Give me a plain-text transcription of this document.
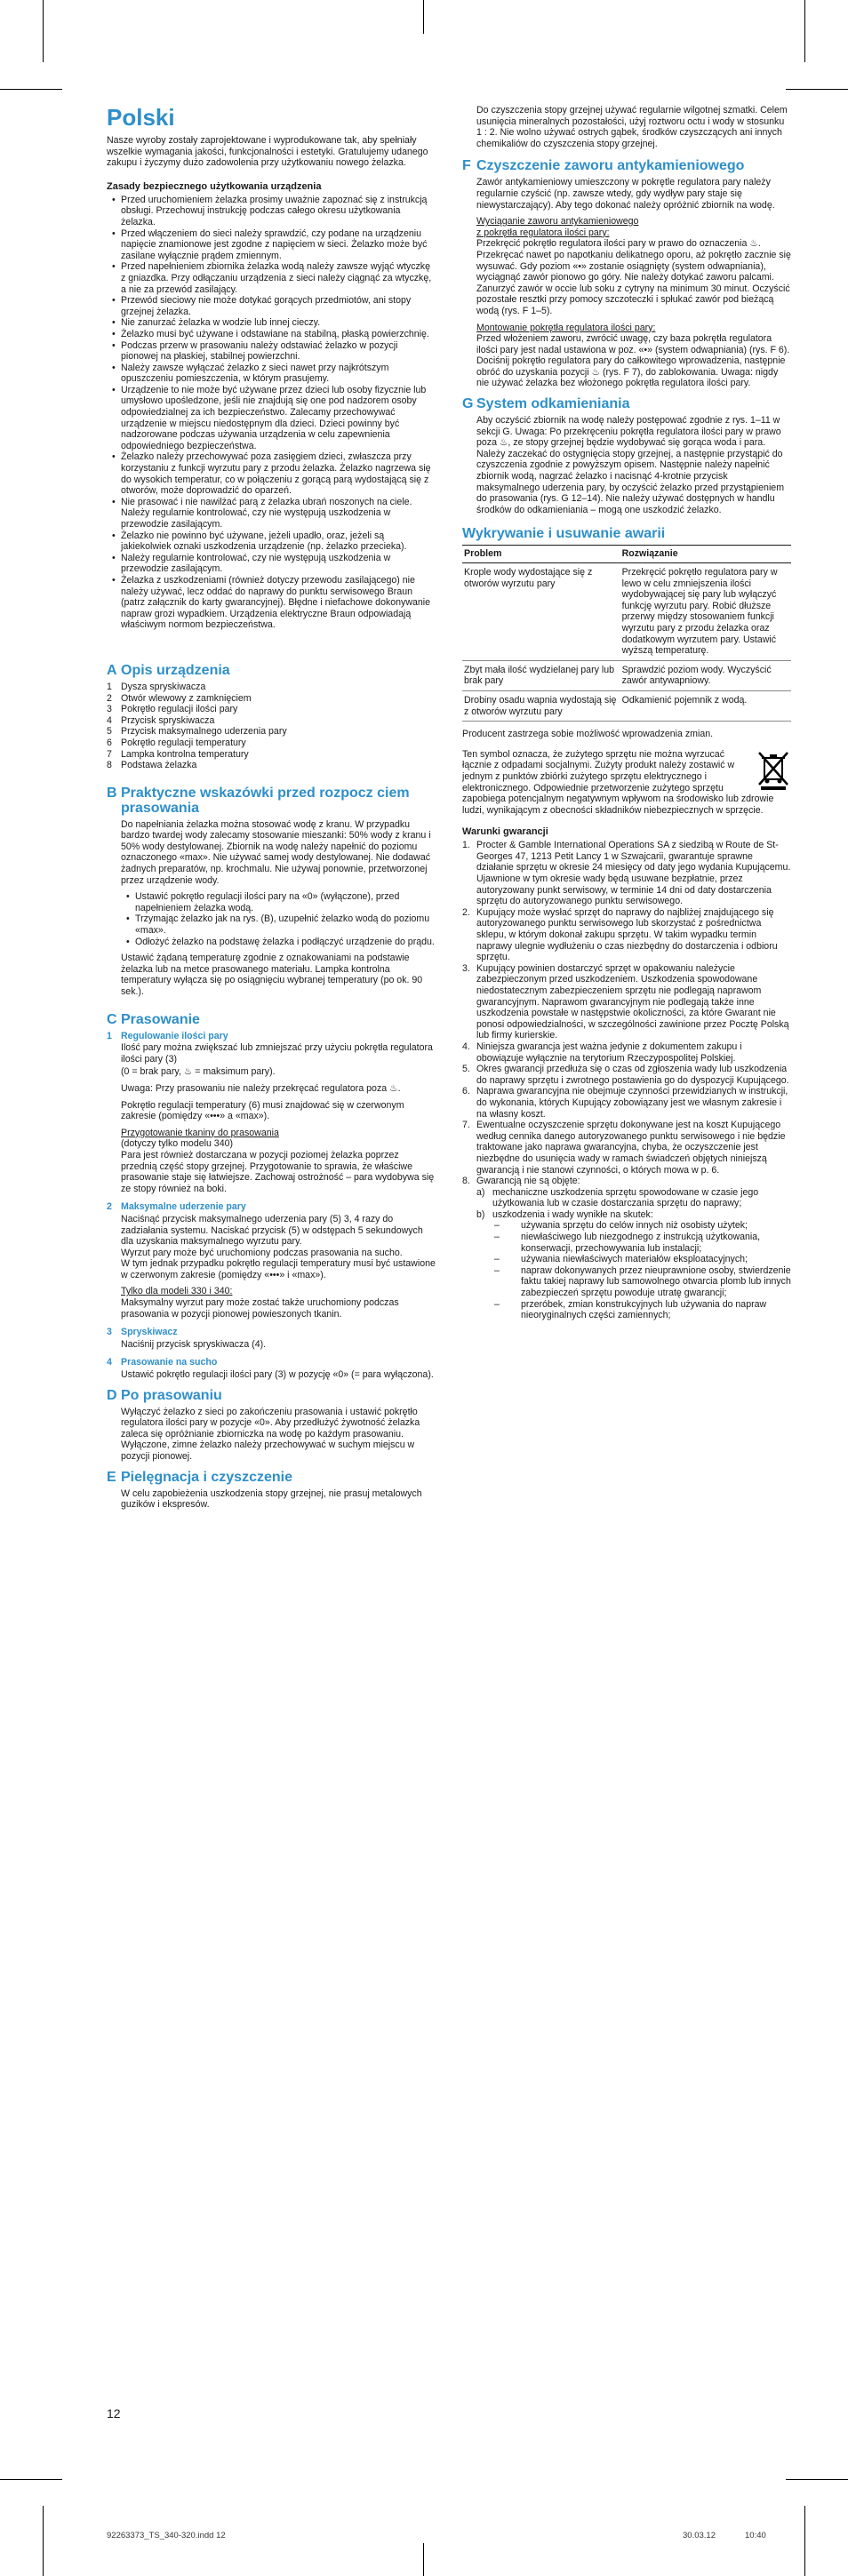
Polski

Nasze wyroby zostały zaprojektowane i wyprodukowane tak, aby spełniały wszelkie wymagania jakości, funkcjonalności i estetyki. Gratulujemy udanego zakupu i życzymy dużo zadowolenia przy użytkowaniu nowego żelazka.

Zasady bezpiecznego użytkowania urządzenia
• Przed uruchomieniem żelazka prosimy uważnie zapoznać się z instrukcją obsługi. Przechowuj instrukcję podczas całego okresu użytkowania żelazka.
• Przed włączeniem do sieci należy sprawdzić, czy podane na urządzeniu napięcie znamionowe jest zgodne z napięciem w sieci. Żelazko może być zasilane wyłącznie prądem zmiennym.
• Przed napełnieniem zbiornika żelazka wodą należy zawsze wyjąć wtyczkę z gniazdka. Przy odłączaniu urządzenia z sieci należy ciągnąć za wtyczkę, a nie za przewód zasilający.
• Przewód sieciowy nie może dotykać gorących przedmiotów, ani stopy grzejnej żelazka.
• Nie zanurzać żelazka w wodzie lub innej cieczy.
• Żelazko musi być używane i odstawiane na stabilną, płaską powierzchnię.
• Podczas przerw w prasowaniu należy odstawiać żelazko w pozycji pionowej na płaskiej, stabilnej powierzchni.
• Należy zawsze wyłączać żelazko z sieci nawet przy najkrótszym opuszczeniu pomieszczenia, w którym prasujemy.
• Urządzenie to nie może być używane przez dzieci lub osoby fizycznie lub umysłowo upośledzone, jeśli nie znajdują się one pod nadzorem osoby odpowiedzialnej za ich bezpieczeństwo. Zalecamy przechowywać urządzenie w miejscu niedostępnym dla dzieci. Dzieci powinny być nadzorowane podczas używania urządzenia w celu zapewnienia odpowiedniego bezpieczeństwa.
• Żelazko należy przechowywać poza zasięgiem dzieci, zwłaszcza przy korzystaniu z funkcji wyrzutu pary z przodu żelazka. Żelazko nagrzewa się do wysokich temperatur, co w połączeniu z gorącą parą wydostającą się z otworów, może doprowadzić do oparzeń.
• Nie prasować i nie nawilżać parą z żelazka ubrań noszonych na ciele. Należy regularnie kontrolować, czy nie występują uszkodzenia w przewodzie zasilającym.
• Żelazko nie powinno być używane, jeżeli upadło, oraz, jeżeli są jakiekolwiek oznaki uszkodzenia urządzenie (np. żelazko przecieka).
• Należy regularnie kontrolować, czy nie występują uszkodzenia w przewodzie zasilającym.
• Żelazka z uszkodzeniami (również dotyczy przewodu zasilającego) nie należy używać, lecz oddać do naprawy do punktu serwisowego Braun (patrz załącznik do karty gwarancyjnej). Błędne i niefachowe dokonywanie napraw grozi wypadkiem. Urządzenia elektryczne Braun odpowiadają właściwym normom bezpieczeństwa.
A Opis urządzenia
1 Dysza spryskiwacza
2 Otwór wlewowy z zamknięciem
3 Pokrętło regulacji ilości pary
4 Przycisk spryskiwacza
5 Przycisk maksymalnego uderzenia pary
6 Pokrętło regulacji temperatury
7 Lampka kontrolna temperatury
8 Podstawa żelazka
B Praktyczne wskazówki przed rozpocz ciem prasowania

Do napełniania żelazka można stosować wodę z kranu. W przypadku bardzo twardej wody zalecamy stosowanie mieszanki: 50% wody z kranu i 50% wody destylowanej. Zbiornik na wodę należy napełnić do poziomu oznaczonego «max». Nie używać samej wody destylowanej. Nie dodawać żadnych preparatów, np. krochmalu. Nie używaj ponownie, przetworzonej przez urządzenie wody.

• Ustawić pokrętło regulacji ilości pary na «0» (wyłączone), przed napełnieniem żelazka wodą.
• Trzymając żelazko jak na rys. (B), uzupełnić żelazko wodą do poziomu «max».
• Odłożyć żelazko na podstawę żelazka i podłączyć urządzenie do prądu.

Ustawić żądaną temperaturę zgodnie z oznakowaniami na podstawie żelazka lub na metce prasowanego materiału. Lampka kontrolna temperatury wyłącza się po osiągnięciu wybranej temperatury (po ok. 90 sek.).

C Prasowanie
1 Regulowanie ilości pary

Ilość pary można zwiększać lub zmniejszać przy użyciu pokrętła regulatora ilości pary (3)

(0 = brak pary, ♨ = maksimum pary).

Uwaga: Przy prasowaniu nie należy przekręcać regulatora poza ♨.

Pokrętło regulacji temperatury (6) musi znajdować się w czerwonym zakresie (pomiędzy «•••» a «max»).

Przygotowanie tkaniny do prasowania
(dotyczy tylko modelu 340)

Para jest również dostarczana w pozycji poziomej żelazka poprzez przednią część stopy grzejnej. Przygotowanie to sprawia, że właściwe prasowanie staje się łatwiejsze. Zachowaj ostrożność – para wydobywa się ze stopy również na boki.

2 Maksymalne uderzenie pary

Naciśnąć przycisk maksymalnego uderzenia pary (5) 3, 4 razy do zadziałania systemu. Naciskać przycisk (5) w odstępach 5 sekundowych dla uzyskania maksymalnego wyrzutu pary.

Wyrzut pary może być uruchomiony podczas prasowania na sucho.

W tym jednak przypadku pokrętło regulacji temperatury musi być ustawione w czerwonym zakresie (pomiędzy «•••» i «max»).

Tylko dla modeli 330 i 340:

Maksymalny wyrzut pary może zostać także uruchomiony podczas prasowania w pozycji pionowej powieszonych tkanin.

3 Spryskiwacz

Naciśnij przycisk spryskiwacza (4).

4 Prasowanie na sucho

Ustawić pokrętło regulacji ilości pary (3) w pozycję «0» (= para wyłączona).

D Po prasowaniu

Wyłączyć żelazko z sieci po zakończeniu prasowania i ustawić pokrętło regulatora ilości pary w pozycje «0». Aby przedłużyć żywotność żelazka zaleca się opróżnianie zbiorniczka na wodę po każdym prasowaniu. Wyłączone, zimne żelazko należy przechowywać w suchym miejscu w pozycji pionowej.

E Pielęgnacja i czyszczenie

W celu zapobieżenia uszkodzenia stopy grzejnej, nie prasuj metalowych guzików i ekspresów.

Do czyszczenia stopy grzejnej używać regularnie wilgotnej szmatki. Celem usunięcia mineralnych pozostałości, użyj roztworu octu i wody w stosunku 1 : 2. Nie wolno używać ostrych gąbek, środków czyszczących ani innych chemikaliów do czyszczenia stopy grzejnej.

F Czyszczenie zaworu antykamieniowego

Zawór antykamieniowy umieszczony w pokrętle regulatora pary należy regularnie czyścić (np. zawsze wtedy, gdy wydływ pary staje się niewystarczający). Aby tego dokonać należy opróżnić zbiornik na wodę.

Wyciąganie zaworu antykamieniowego
z pokrętła regulatora ilości pary:

Przekręcić pokrętło regulatora ilości pary w prawo do oznaczenia ♨. Przekręcać nawet po napotkaniu delikatnego oporu, aż pokrętło zacznie się wysuwać. Gdy poziom «•» zostanie osiągnięty (system odwapniania), wyciągnąć zawór pionowo go góry. Nie należy dotykać zaworu palcami. Zanurzyć zawór w occie lub soku z cytryny na minimum 30 minut. Oczyścić pozostałe resztki przy pomocy szczoteczki i spłukać zawór pod bieżącą wodą (rys. F 1–5).

Montowanie pokrętła regulatora ilości pary:

Przed włożeniem zaworu, zwrócić uwagę, czy baza pokrętła regulatora ilości pary jest nadal ustawiona w poz. «•» (system odwapniania) (rys. F 6). Dociśnij pokrętło regulatora pary do całkowitego wprowadzenia, następnie obróć do uzyskania pozycji ♨ (rys. F 7), do zablokowania. Uwaga: nigdy nie używać żelazka bez włożonego pokrętła regulatora ilości pary.

G System odkamieniania

Aby oczyścić zbiornik na wodę należy postępować zgodnie z rys. 1–11 w sekcji G. Uwaga: Po przekręceniu pokrętła regulatora ilości pary w prawo poza ♨, ze stopy grzejnej będzie wydobywać się gorąca woda i para. Należy zaczekać do ostygnięcia stopy grzejnej, a następnie przystąpić do czyszczenia zgodnie z powyższym opisem. Następnie należy napełnić zbiornik wodą, nagrzać żelazko i nacisnąć 4-krotnie przycisk maksymalnego uderzenia pary, by oczyścić żelazko przed przystąpieniem do prasowania (rys. G 12–14). Nie należy używać dostępnych w handlu środków do odkamieniania – mogą one uszkodzić żelazko.

Wykrywanie i usuwanie awarii
Problem	Rozwiązanie
Krople wody wydostające się z otworów wyrzutu pary	Przekręcić pokrętło regulatora pary w lewo w celu zmniejszenia ilości wydobywającej się pary lub wyłączyć funkcję wyrzutu pary. Robić dłuższe przerwy między stosowaniem funkcji wyrzutu pary z przodu żelazka oraz dodatkowym wyrzutem pary. Ustawić wyższą temperaturę.
Zbyt mała ilość wydzielanej pary lub brak pary	Sprawdzić poziom wody. Wyczyścić zawór antywapniowy.
Drobiny osadu wapnia wydostają się z otworów wyrzutu pary	Odkamienić pojemnik z wodą.

Producent zastrzega sobie możliwość wprowadzenia zmian.

Ten symbol oznacza, że zużytego sprzętu nie można wyrzucać łącznie z odpadami socjalnymi. Zużyty produkt należy zostawić w jednym z punktów zbiórki zużytego sprzętu elektrycznego i elektronicznego. Odpowiednie przetworzenie zużytego sprzętu zapobiega potencjalnym negatywnym wpływom na środowisko lub zdrowie ludzi, wynikającym z obecności składników niebezpiecznych w sprzęcie.

Warunki gwarancji
1. Procter & Gamble International Operations SA z siedzibą w Route de St-Georges 47, 1213 Petit Lancy 1 w Szwajcarii, gwarantuje sprawne działanie sprzętu w okresie 24 miesięcy od daty jego wydania Kupującemu. Ujawnione w tym okresie wady będą usuwane bezpłatnie, przez autoryzowany punkt serwisowy, w terminie 14 dni od daty dostarczenia sprzętu do autoryzowanego punktu serwisowego.
2. Kupujący może wysłać sprzęt do naprawy do najbliżej znajdującego się autoryzowanego punktu serwisowego lub skorzystać z pośrednictwa sklepu, w którym dokonał zakupu sprzętu. W takim wypadku termin naprawy ulegnie wydłużeniu o czas niezbędny do dostarczenia i odbioru sprzętu.
3. Kupujący powinien dostarczyć sprzęt w opakowaniu należycie zabezpieczonym przed uszkodzeniem. Uszkodzenia spowodowane niedostatecznym zabezpieczeniem sprzętu nie podlegają naprawom gwarancyjnym. Naprawom gwarancyjnym nie podlegają także inne uszkodzenia powstałe w następstwie okoliczności, za które Gwarant nie ponosi odpowiedzialności, w szczególności zawinione przez Pocztę Polską lub firmy kurierskie.
4. Niniejsza gwarancja jest ważna jedynie z dokumentem zakupu i obowiązuje wyłącznie na terytorium Rzeczypospolitej Polskiej.
5. Okres gwarancji przedłuża się o czas od zgłoszenia wady lub uszkodzenia do naprawy sprzętu i zwrotnego postawienia go do dyspozycji Kupującego.
6. Naprawa gwarancyjna nie obejmuje czynności przewidzianych w instrukcji, do wykonania, których Kupujący zobowiązany jest we własnym zakresie i na własny koszt.
7. Ewentualne oczyszczenie sprzętu dokonywane jest na koszt Kupującego według cennika danego autoryzowanego punktu serwisowego i nie będzie traktowane jako naprawa gwarancyjna, chyba, że oczyszczenie jest niezbędne do usunięcia wady w ramach świadczeń objętych niniejszą gwarancją i nie stanowi czynności, o których mowa w p. 6.
8. Gwarancją nie są objęte:
a) mechaniczne uszkodzenia sprzętu spowodowane w czasie jego użytkowania lub w czasie dostarczania sprzętu do naprawy;
b) uszkodzenia i wady wynikłe na skutek:
– używania sprzętu do celów innych niż osobisty użytek;
– niewłaściwego lub niezgodnego z instrukcją użytkowania, konserwacji, przechowywania lub instalacji;
– używania niewłaściwych materiałów eksploatacyjnych;
– napraw dokonywanych przez nieuprawnione osoby, stwierdzenie faktu takiej naprawy lub samowolnego otwarcia plomb lub innych zabezpieczeń sprzętu powoduje utratę gwarancji;
– przeróbek, zmian konstrukcyjnych lub używania do napraw nieoryginalnych części zamiennych;
12
92263373_TS_340-320.indd 12	30.03.12	10:40
